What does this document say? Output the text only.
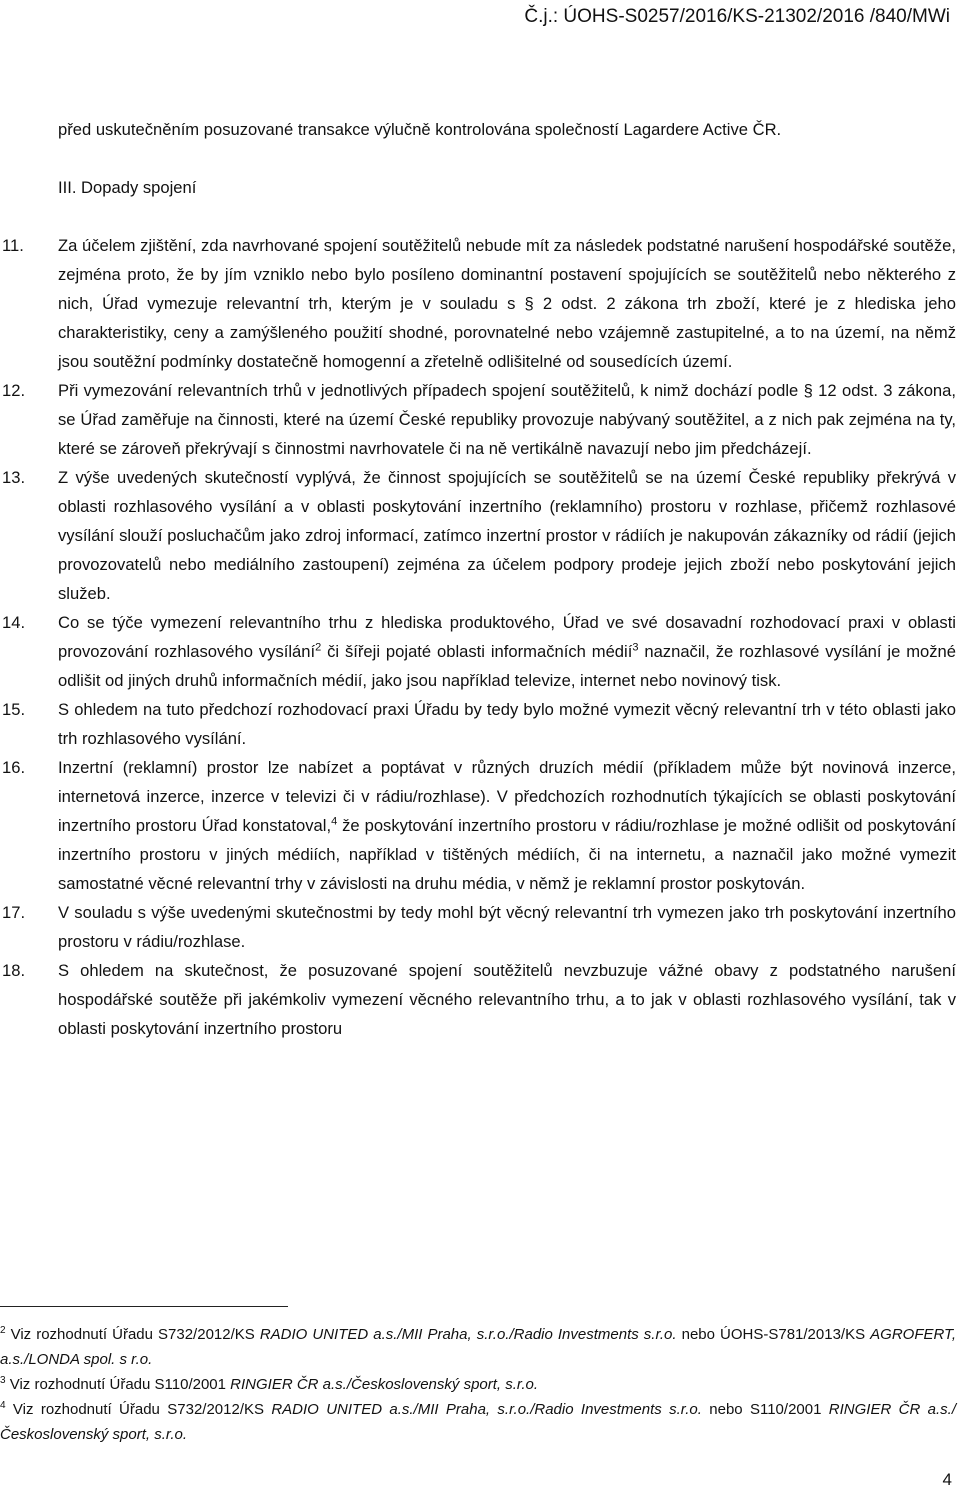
Č.j.: ÚOHS-S0257/2016/KS-21302/2016 /840/MWi

před uskutečněním posuzované transakce výlučně kontrolována společností Lagardere Active ČR.

III. Dopady spojení

11. Za účelem zjištění, zda navrhované spojení soutěžitelů nebude mít za následek podstatné narušení hospodářské soutěže, zejména proto, že by jím vzniklo nebo bylo posíleno dominantní postavení spojujících se soutěžitelů nebo některého z nich, Úřad vymezuje relevantní trh, kterým je v souladu s § 2 odst. 2 zákona trh zboží, které je z hlediska jeho charakteristiky, ceny a zamýšleného použití shodné, porovnatelné nebo vzájemně zastupitelné, a to na území, na němž jsou soutěžní podmínky dostatečně homogenní a zřetelně odlišitelné od sousedících území.
12. Při vymezování relevantních trhů v jednotlivých případech spojení soutěžitelů, k nimž dochází podle § 12 odst. 3 zákona, se Úřad zaměřuje na činnosti, které na území České republiky provozuje nabývaný soutěžitel, a z nich pak zejména na ty, které se zároveň překrývají s činnostmi navrhovatele či na ně vertikálně navazují nebo jim předcházejí.
13. Z výše uvedených skutečností vyplývá, že činnost spojujících se soutěžitelů se na území České republiky překrývá v oblasti rozhlasového vysílání a v oblasti poskytování inzertního (reklamního) prostoru v rozhlase, přičemž rozhlasové vysílání slouží posluchačům jako zdroj informací, zatímco inzertní prostor v rádiích je nakupován zákazníky od rádií (jejich provozovatelů nebo mediálního zastoupení) zejména za účelem podpory prodeje jejich zboží nebo poskytování jejich služeb.
14. Co se týče vymezení relevantního trhu z hlediska produktového, Úřad ve své dosavadní rozhodovací praxi v oblasti provozování rozhlasového vysílání$^2$ či šířeji pojaté oblasti informačních médií$^3$ naznačil, že rozhlasové vysílání je možné odlišit od jiných druhů informačních médií, jako jsou například televize, internet nebo novinový tisk.
15. S ohledem na tuto předchozí rozhodovací praxi Úřadu by tedy bylo možné vymezit věcný relevantní trh v této oblasti jako trh rozhlasového vysílání.
16. Inzertní (reklamní) prostor lze nabízet a poptávat v různých druzích médií (příkladem může být novinová inzerce, internetová inzerce, inzerce v televizi či v rádiu/rozhlase). V předchozích rozhodnutích týkajících se oblasti poskytování inzertního prostoru Úřad konstatoval,$^4$ že poskytování inzertního prostoru v rádiu/rozhlase je možné odlišit od poskytování inzertního prostoru v jiných médiích, například v tištěných médiích, či na internetu, a naznačil jako možné vymezit samostatné věcné relevantní trhy v závislosti na druhu média, v němž je reklamní prostor poskytován.
17. V souladu s výše uvedenými skutečnostmi by tedy mohl být věcný relevantní trh vymezen jako trh poskytování inzertního prostoru v rádiu/rozhlase.
18. S ohledem na skutečnost, že posuzované spojení soutěžitelů nevzbuzuje vážné obavy z podstatného narušení hospodářské soutěže při jakémkoliv vymezení věcného relevantního trhu, a to jak v oblasti rozhlasového vysílání, tak v oblasti poskytování inzertního prostoru
$^2$ Viz rozhodnutí Úřadu S732/2012/KS RADIO UNITED a.s./MII Praha, s.r.o./Radio Investments s.r.o. nebo ÚOHS-S781/2013/KS AGROFERT, a.s./LONDA spol. s r.o.
$^3$ Viz rozhodnutí Úřadu S110/2001 RINGIER ČR a.s./Československý sport, s.r.o.
$^4$ Viz rozhodnutí Úřadu S732/2012/KS RADIO UNITED a.s./MII Praha, s.r.o./Radio Investments s.r.o. nebo S110/2001 RINGIER ČR a.s./Československý sport, s.r.o.
4
